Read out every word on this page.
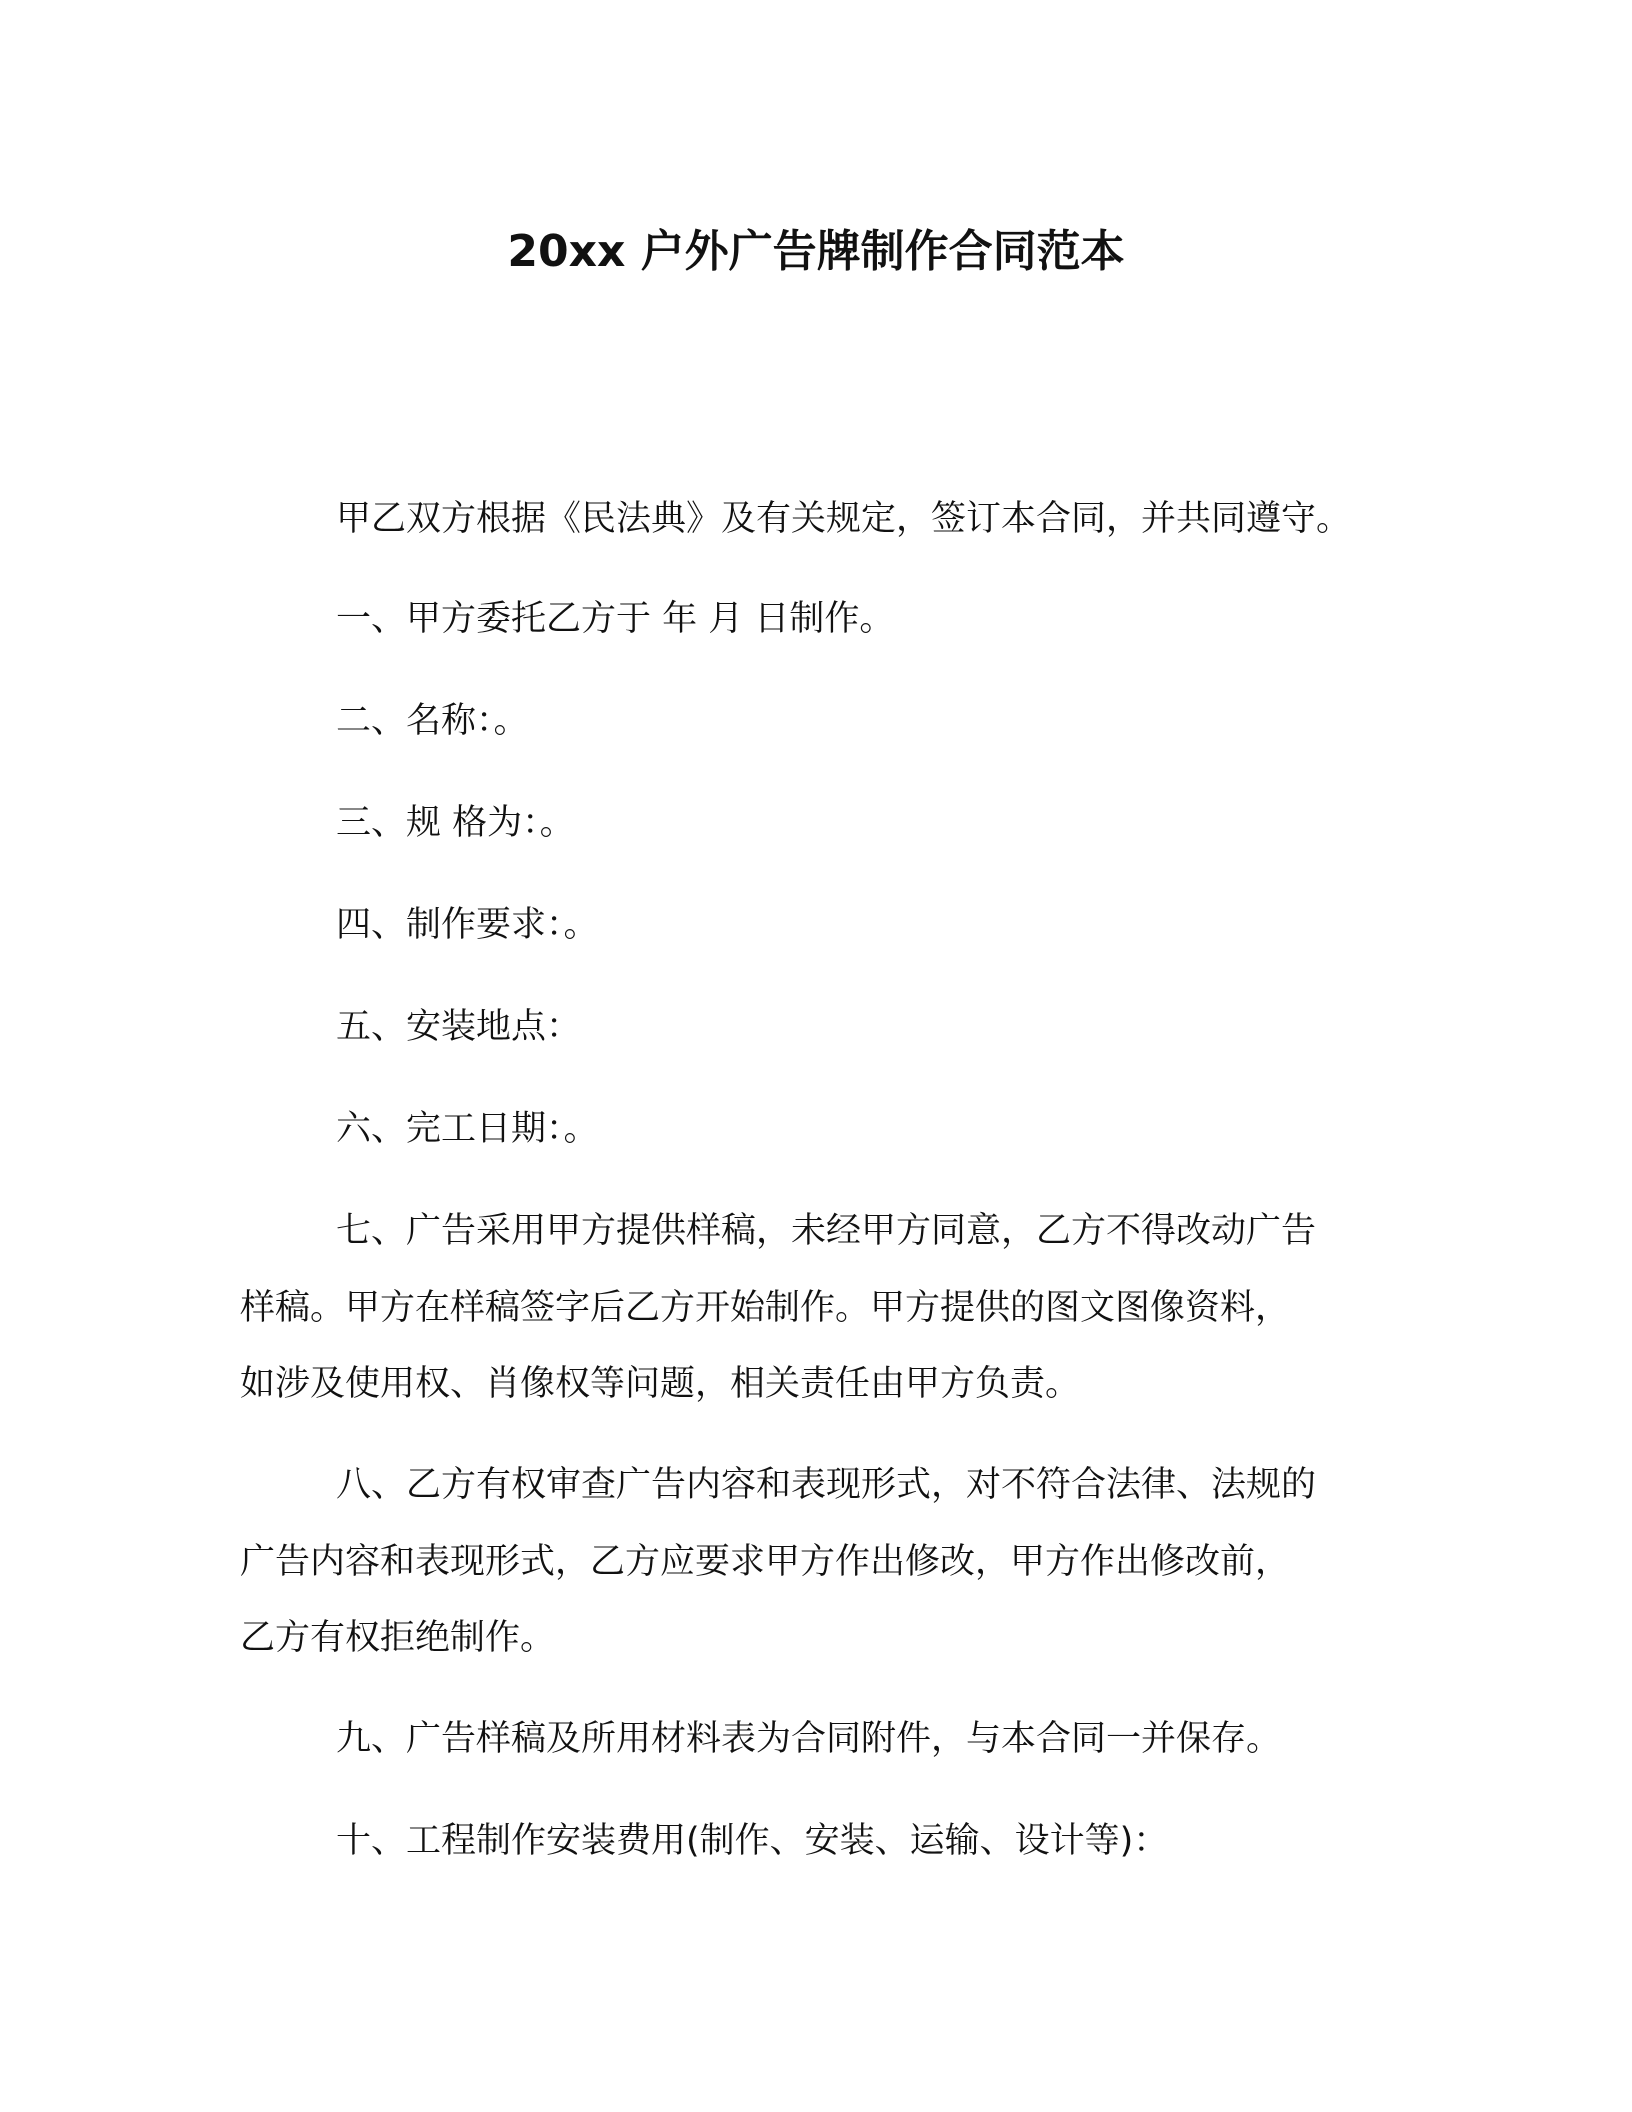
20xx 户外广告牌制作合同范本

甲乙双方根据《民法典》及有关规定，签订本合同，并共同遵守。

一、甲方委托乙方于 年 月 日制作。

二、名称：。

三、规 格为：。

四、制作要求：。

五、安装地点：

六、完工日期：。

七、广告采用甲方提供样稿，未经甲方同意，乙方不得改动广告
样稿。甲方在样稿签字后乙方开始制作。甲方提供的图文图像资料，
如涉及使用权、肖像权等问题，相关责任由甲方负责。
八、乙方有权审查广告内容和表现形式，对不符合法律、法规的
广告内容和表现形式，乙方应要求甲方作出修改，甲方作出修改前，
乙方有权拒绝制作。

九、广告样稿及所用材料表为合同附件，与本合同一并保存。

十、工程制作安装费用(制作、安装、运输、设计等)：
